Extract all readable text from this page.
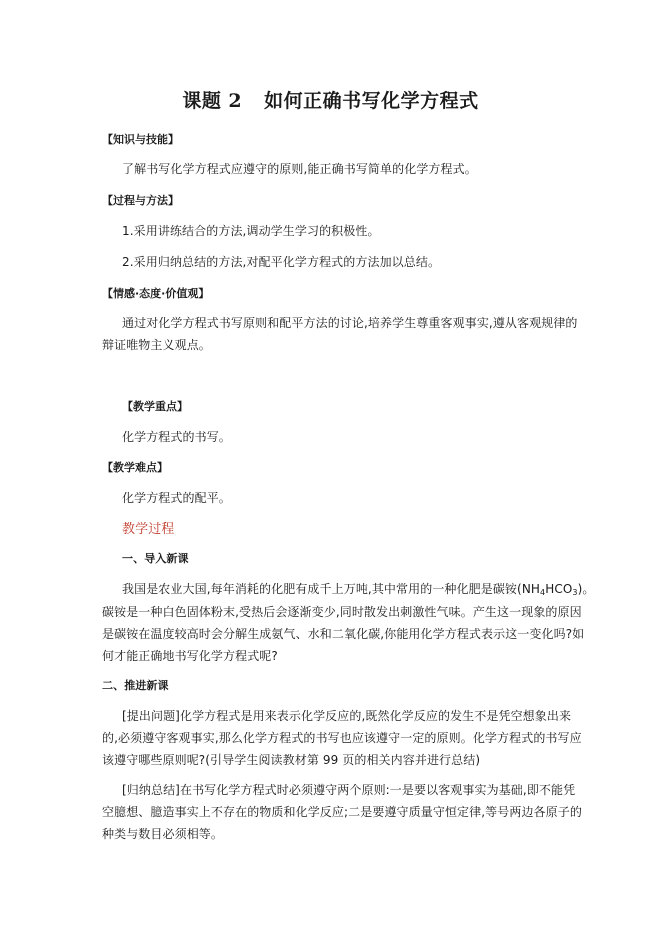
课题 2 如何正确书写化学方程式
【知识与技能】
了解书写化学方程式应遵守的原则,能正确书写简单的化学方程式。
【过程与方法】
1.采用讲练结合的方法,调动学生学习的积极性。
2.采用归纳总结的方法,对配平化学方程式的方法加以总结。
【情感·态度·价值观】
通过对化学方程式书写原则和配平方法的讨论,培养学生尊重客观事实,遵从客观规律的
辩证唯物主义观点。
【教学重点】
化学方程式的书写。
【教学难点】
化学方程式的配平。
教学过程
一、导入新课
我国是农业大国,每年消耗的化肥有成千上万吨,其中常用的一种化肥是碳铵$(NH_4HCO_3)$。
碳铵是一种白色固体粉末,受热后会逐渐变少,同时散发出刺激性气味。产生这一现象的原因
是碳铵在温度较高时会分解生成氨气、水和二氧化碳,你能用化学方程式表示这一变化吗?如
何才能正确地书写化学方程式呢?
二、推进新课
[提出问题]化学方程式是用来表示化学反应的,既然化学反应的发生不是凭空想象出来
的,必须遵守客观事实,那么化学方程式的书写也应该遵守一定的原则。化学方程式的书写应
该遵守哪些原则呢?(引导学生阅读教材第 99 页的相关内容并进行总结)
[归纳总结]在书写化学方程式时必须遵守两个原则:一是要以客观事实为基础,即不能凭
空臆想、臆造事实上不存在的物质和化学反应;二是要遵守质量守恒定律,等号两边各原子的
种类与数目必须相等。
